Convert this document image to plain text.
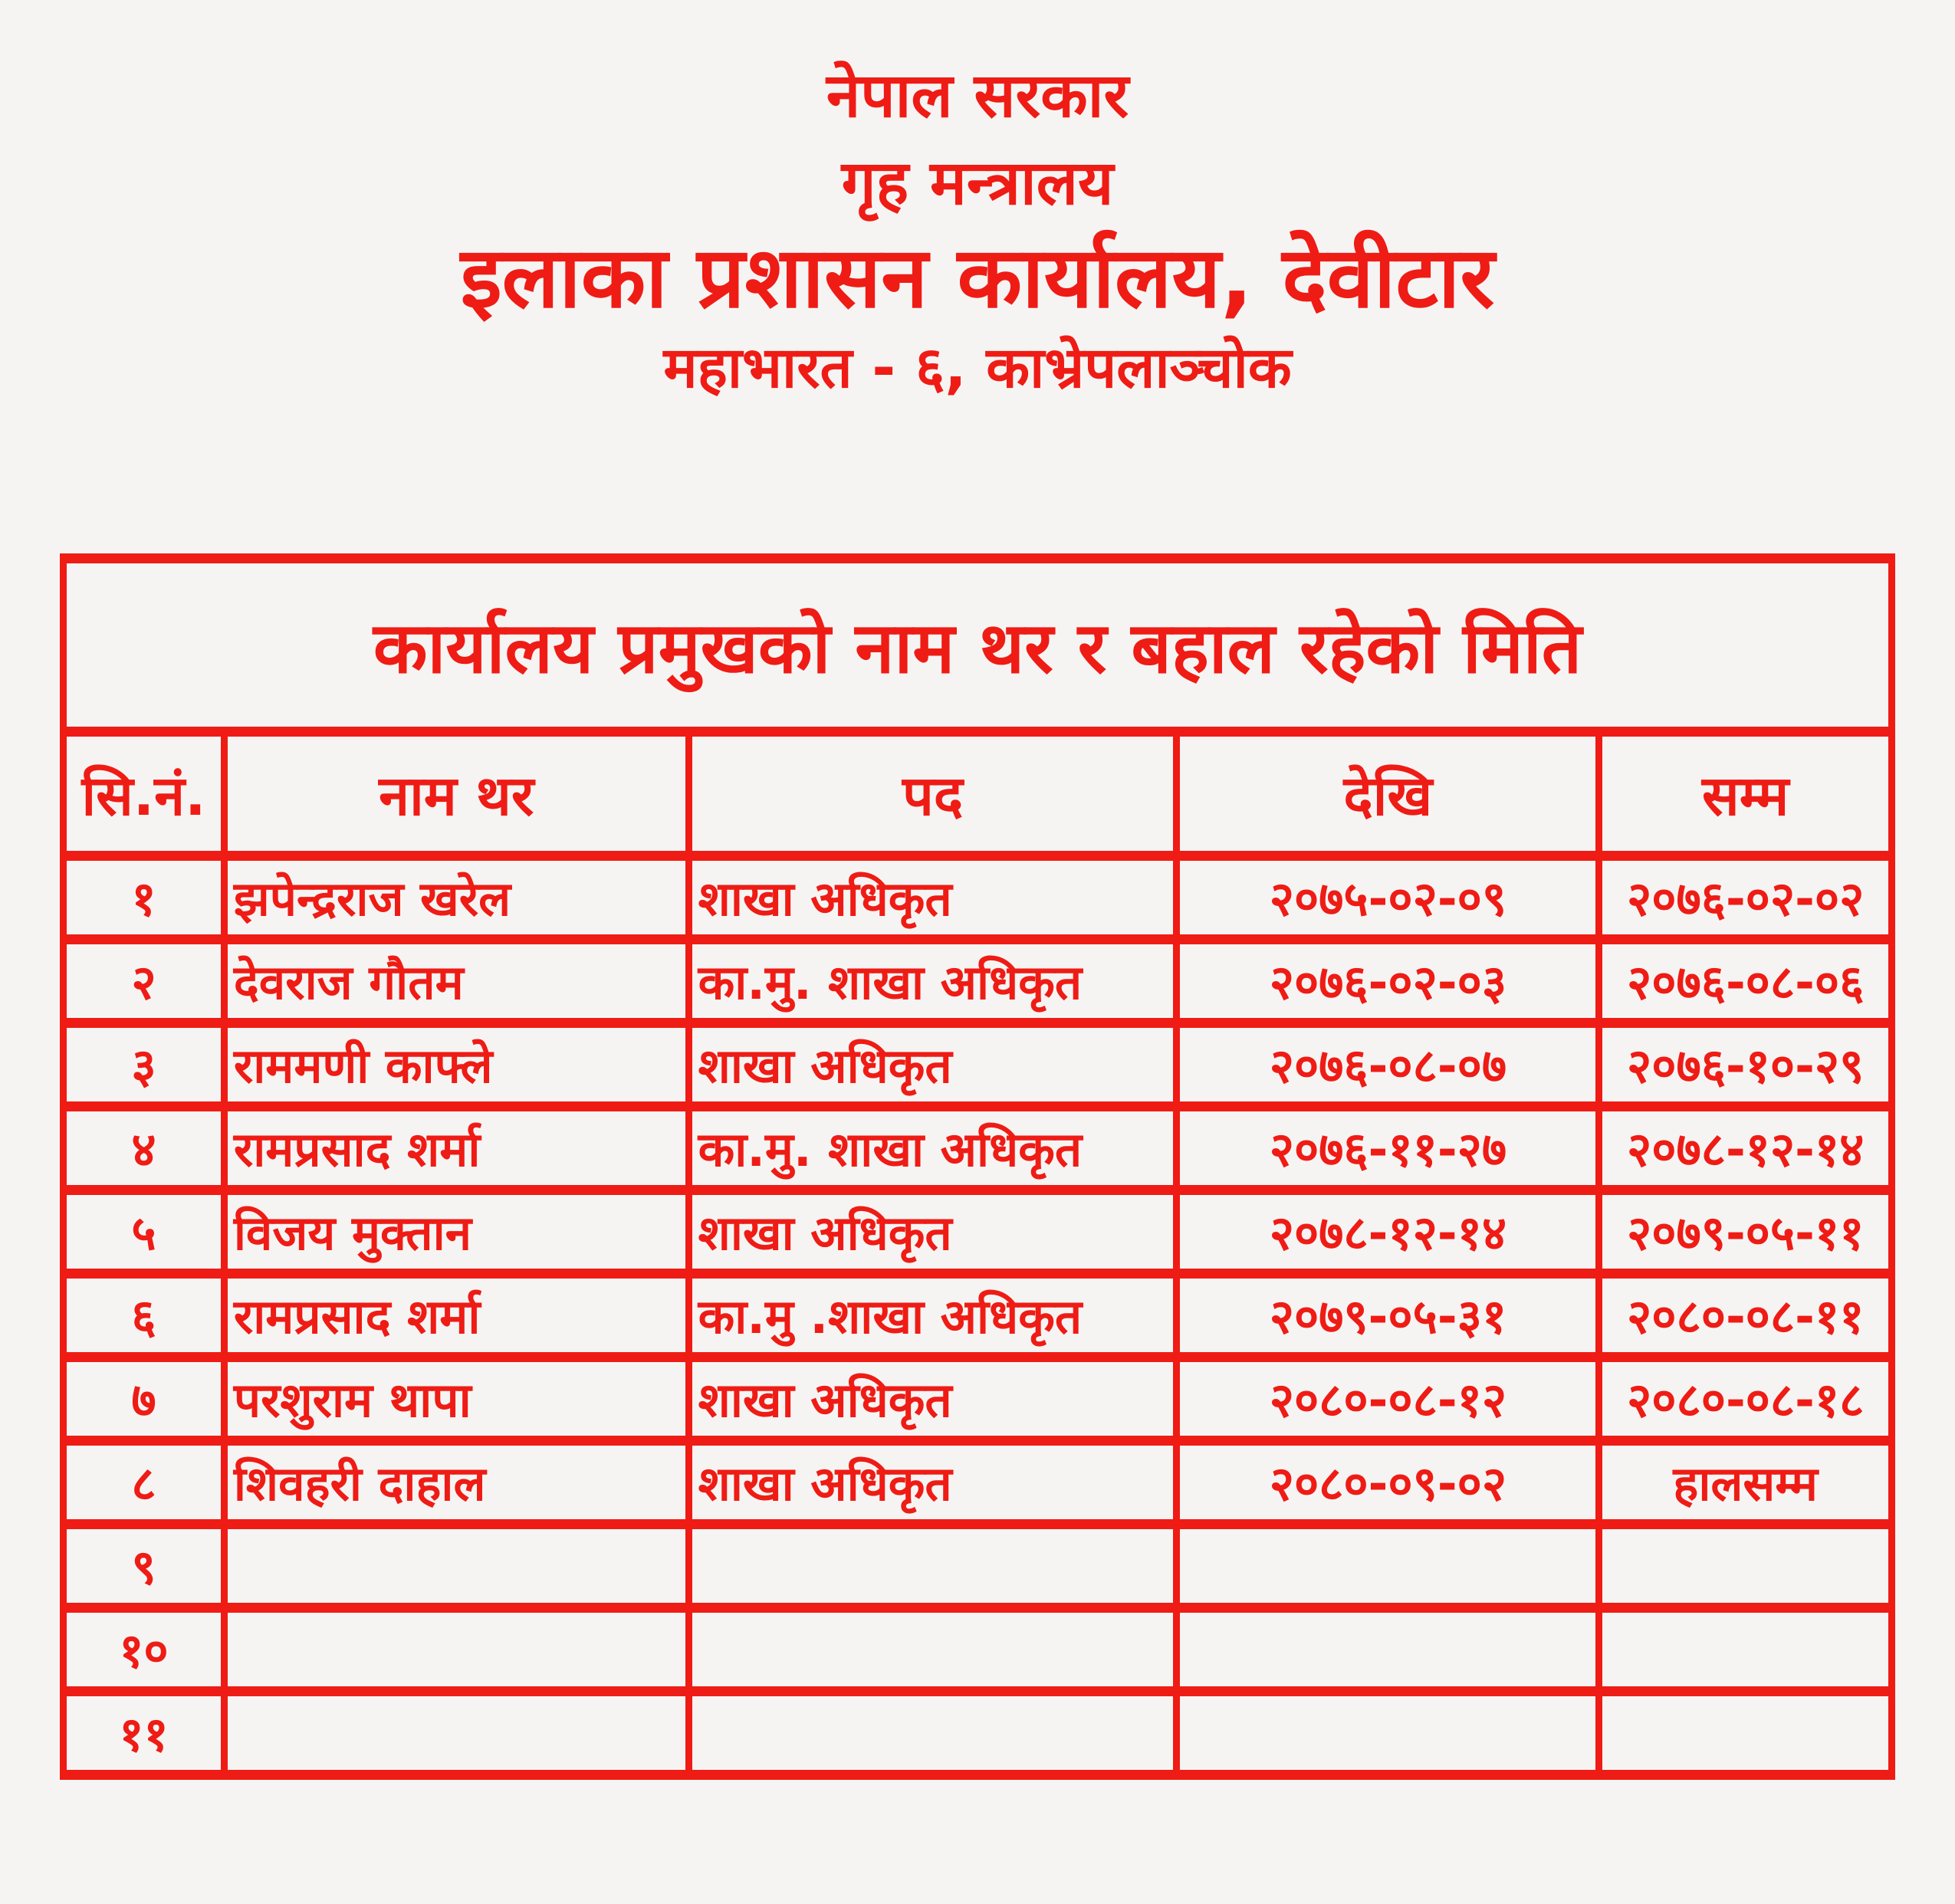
नेपाल सरकार
गृह मन्त्रालय
इलाका प्रशासन कार्यालय, देवीटार
महाभारत - ६, काभ्रेपलाञ्चोक
कार्यालय प्रमुखको नाम थर र बहाल रहेको मिति				
सि.नं.	नाम थर	पद	देखि	सम्म
१	झपेन्द्रराज खरेल	शाखा अधिकृत	२०७५-०२-०९	२०७६-०२-०२
२	देवराज गौतम	का.मु. शाखा अधिकृत	२०७६-०२-०३	२०७६-०८-०६
३	राममणी काफ्ले	शाखा अधिकृत	२०७६-०८-०७	२०७६-१०-२९
४	रामप्रसाद शर्मा	का.मु. शाखा अधिकृत	२०७६-११-२७	२०७८-१२-१४
५	विजय मुक्तान	शाखा अधिकृत	२०७८-१२-१४	२०७९-०५-११
६	रामप्रसाद शर्मा	का.मु .शाखा अधिकृत	२०७९-०५-३१	२०८०-०८-११
७	परशुराम थापा	शाखा अधिकृत	२०८०-०८-१२	२०८०-०८-१८
८	शिवहरी दाहाल	शाखा अधिकृत	२०८०-०९-०२	हालसम्म
९				
१०				
११				
